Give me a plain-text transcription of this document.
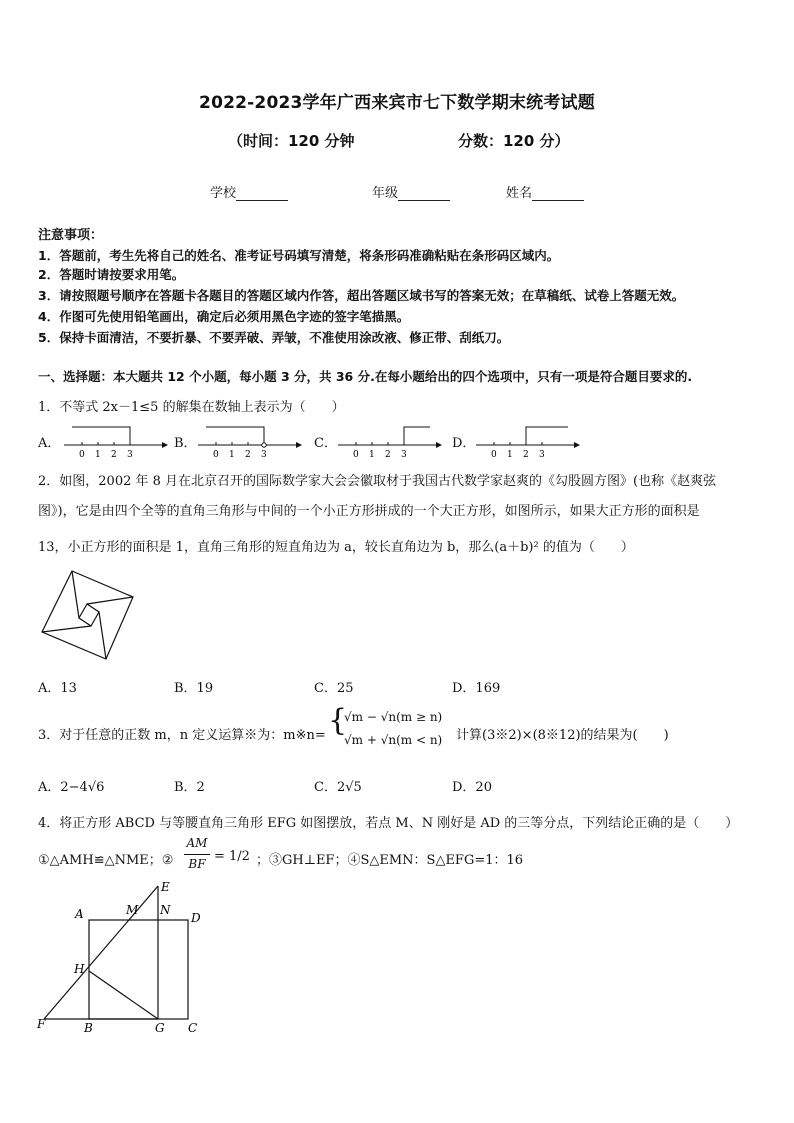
2022-2023学年广西来宾市七下数学期末统考试题
（时间：120 分钟	分数：120 分）
学校	年级	姓名
注意事项：
1．答题前，考生先将自己的姓名、准考证号码填写清楚，将条形码准确粘贴在条形码区域内。
2．答题时请按要求用笔。
3．请按照题号顺序在答题卡各题目的答题区域内作答，超出答题区域书写的答案无效；在草稿纸、试卷上答题无效。
4．作图可先使用铅笔画出，确定后必须用黑色字迹的签字笔描黑。
5．保持卡面清洁，不要折暴、不要弄破、弄皱，不准使用涂改液、修正带、刮纸刀。
一、选择题：本大题共 12 个小题，每小题 3 分，共 36 分.在每小题给出的四个选项中，只有一项是符合题目要求的.
1．不等式 2x－1≤5 的解集在数轴上表示为（　　）
A．
0 1 2 3
B．
0 1 2 3
C．
0 1 2 3
D．
0 1 2 3
2．如图，2002 年 8 月在北京召开的国际数学家大会会徽取材于我国古代数学家赵爽的《勾股圆方图》(也称《赵爽弦
图》)，它是由四个全等的直角三角形与中间的一个小正方形拼成的一个大正方形，如图所示，如果大正方形的面积是
13，小正方形的面积是 1，直角三角形的短直角边为 a，较长直角边为 b，那么(a＋b)² 的值为（　　）
A．13	B．19	C．25	D．169
3．对于任意的正数 m，n 定义运算※为：m※n= {
√m − √n(m ≥ n)
√m + √n(m < n) 计算(3※2)×(8※12)的结果为(　　)
A．2−4√6	B．2	C．2√5	D．20
4．将正方形 ABCD 与等腰直角三角形 EFG 如图摆放，若点 M、N 刚好是 AD 的三等分点，下列结论正确的是（　　）
①△AMH≌△NME；②
AM
BF = 1/2 ；③GH⊥EF；④S△EMN：S△EFG=1：16
E
A	M N
D
H
F	B	G C
